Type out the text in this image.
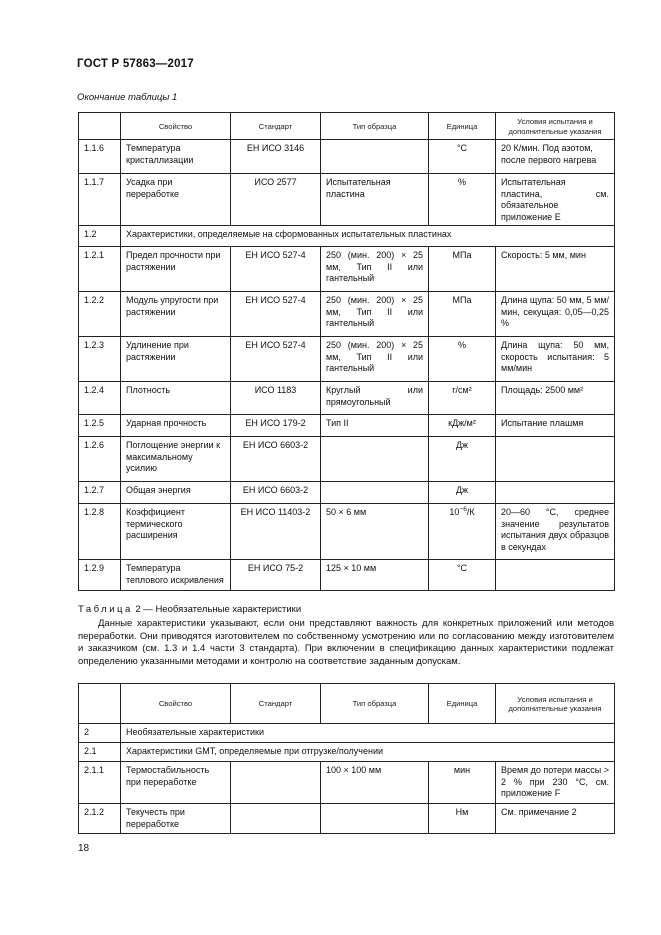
ГОСТ Р 57863—2017
Окончание таблицы 1
	Свойство	Стандарт	Тип образца	Единица	Условия испытания и дополнительные указания
1.1.6	Температура кристаллизации	ЕН ИСО 3146		°C	20 К/мин. Под азотом, после первого нагрева
1.1.7	Усадка при переработке	ИСО 2577	Испытательная пластина	%	Испытательная пластина, см. обязательное приложение E
1.2	Характеристики, определяемые на сформованных испытательных пластинах				
1.2.1	Предел прочности при растяжении	ЕН ИСО 527-4	250 (мин. 200) × 25 мм, Тип II или гантельный	МПа	Скорость: 5 мм, мин
1.2.2	Модуль упругости при растяжении	ЕН ИСО 527-4	250 (мин. 200) × 25 мм, Тип II или гантельный	МПа	Длина щупа: 50 мм, 5 мм/мин, секущая: 0,05—0,25 %
1.2.3	Удлинение при растяжении	ЕН ИСО 527-4	250 (мин. 200) × 25 мм, Тип II или гантельный	%	Длина щупа: 50 мм, скорость испытания: 5 мм/мин
1.2.4	Плотность	ИСО 1183	Круглый или прямоугольный	г/см²	Площадь: 2500 мм²
1.2.5	Ударная прочность	ЕН ИСО 179-2	Тип II	кДж/м²	Испытание плашмя
1.2.6	Поглощение энергии к максимальному усилию	ЕН ИСО 6603-2		Дж	
1.2.7	Общая энергия	ЕН ИСО 6603-2		Дж	
1.2.8	Коэффициент термического расширения	ЕН ИСО 11403-2	50 × 6 мм	$10^{-6}/К$	20—60 °C, среднее значение результатов испытания двух образцов в секундах
1.2.9	Температура теплового искривления	ЕН ИСО 75-2	125 × 10 мм	°C	
Таблица 2 — Необязательные характеристики

Данные характеристики указывают, если они представляют важность для конкретных приложений или методов переработки. Они приводятся изготовителем по собственному усмотрению или по согласованию между изготовителем и заказчиком (см. 1.3 и 1.4 части 3 стандарта). При включении в спецификацию данных характеристики подлежат определению указанными методами и контролю на соответствие заданным допускам.

	Свойство	Стандарт	Тип образца	Единица	Условия испытания и дополнительные указания
2	Необязательные характеристики				
2.1	Характеристики GMT, определяемые при отгрузке/получении				
2.1.1	Термостабильность при переработке		100 × 100 мм	мин	Время до потери массы > 2 % при 230 °C, см. приложение F
2.1.2	Текучесть при переработке			Нм	См. примечание 2
18
